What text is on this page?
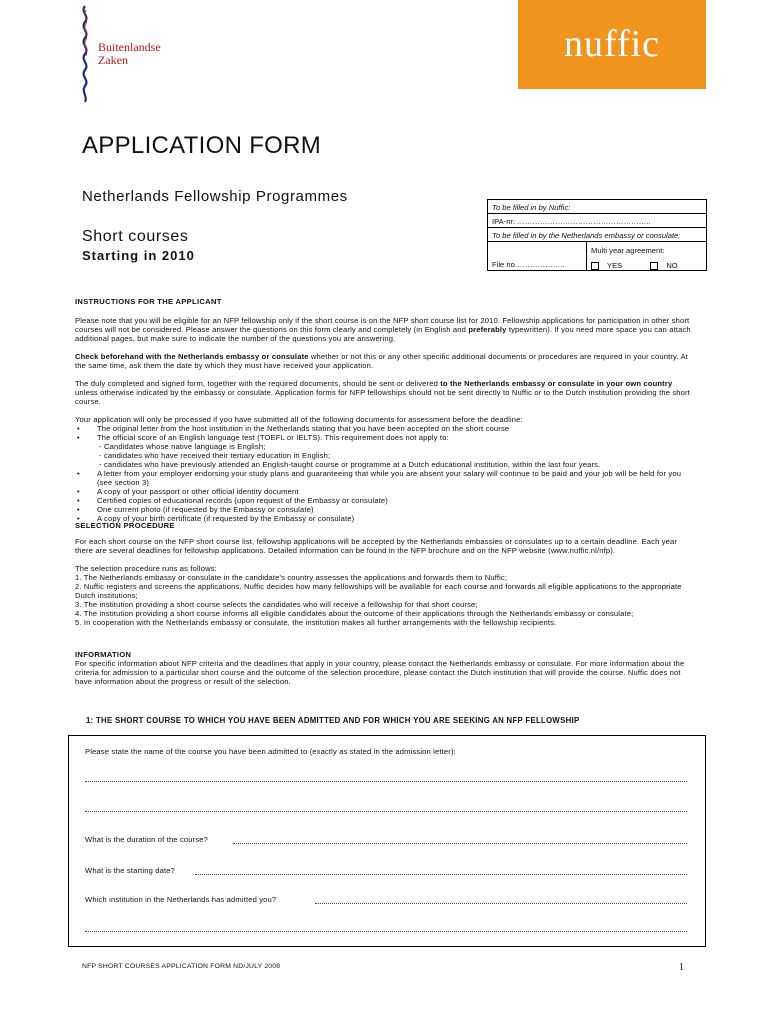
Buitenlandse
Zaken	nuffic
APPLICATION FORM
Netherlands Fellowship Programmes
Short courses
Starting in 2010
To be filled in by Nuffic:
IPA-nr: ……………………………………………..
To be filled in by the Netherlands embassy or consulate:
File no………………..	
Multi year agreement:
YES	NO
INSTRUCTIONS FOR THE APPLICANT
Please note that you will be eligible for an NFP fellowship only if the short course is on the NFP short course list for 2010. Fellowship applications for participation in other short courses will not be considered. Please answer the questions on this form clearly and completely (in English and preferably typewritten). If you need more space you can attach additional pages, but make sure to indicate the number of the questions you are answering.
Check beforehand with the Netherlands embassy or consulate whether or not this or any other specific additional documents or procedures are required in your country. At the same time, ask them the date by which they must have received your application.
The duly completed and signed form, together with the required documents, should be sent or delivered to the Netherlands embassy or consulate in your own country unless otherwise indicated by the embassy or consulate. Application forms for NFP fellowships should not be sent directly to Nuffic or to the Dutch institution providing the short course.
Your application will only be processed if you have submitted all of the following documents for assessment before the deadline:
• The original letter from the host institution in the Netherlands stating that you have been accepted on the short course
• The official score of an English language test (TOEFL or IELTS). This requirement does not apply to:
- Candidates whose native language is English;
- candidates who have received their tertiary education in English;
- candidates who have previously attended an English-taught course or programme at a Dutch educational institution, within the last four years.
• A letter from your employer endorsing your study plans and guaranteeing that while you are absent your salary will continue to be paid and your job will be held for you (see section 3)
• A copy of your passport or other official identity document
• Certified copies of educational records (upon request of the Embassy or consulate)
• One current photo (if requested by the Embassy or consulate)
• A copy of your birth certificate (if requested by the Embassy or consulate)
SELECTION PROCEDURE
For each short course on the NFP short course list, fellowship applications will be accepted by the Netherlands embassies or consulates up to a certain deadline. Each year there are several deadlines for fellowship applications. Detailed information can be found in the NFP brochure and on the NFP website (www.nuffic.nl/nfp).
The selection procedure runs as follows:
1. The Netherlands embassy or consulate in the candidate's country assesses the applications and forwards them to Nuffic;
2. Nuffic registers and screens the applications. Nuffic decides how many fellowships will be available for each course and forwards all eligible applications to the appropriate Dutch institutions;
3. The institution providing a short course selects the candidates who will receive a fellowship for that short course;
4. The institution providing a short course informs all eligible candidates about the outcome of their applications through the Netherlands embassy or consulate;
5. In cooperation with the Netherlands embassy or consulate, the institution makes all further arrangements with the fellowship recipients.
INFORMATION
For specific information about NFP criteria and the deadlines that apply in your country, please contact the Netherlands embassy or consulate. For more information about the criteria for admission to a particular short course and the outcome of the selection procedure, please contact the Dutch institution that will provide the course. Nuffic does not have information about the progress or result of the selection.
1: THE SHORT COURSE TO WHICH YOU HAVE BEEN ADMITTED AND FOR WHICH YOU ARE SEEKING AN NFP FELLOWSHIP
Please state the name of the course you have been admitted to (exactly as stated in the admission letter):
What is the duration of the course?
What is the starting date?
Which institution in the Netherlands has admitted you?
NFP SHORT COURSES APPLICATION FORM ND/JULY 2008	1
